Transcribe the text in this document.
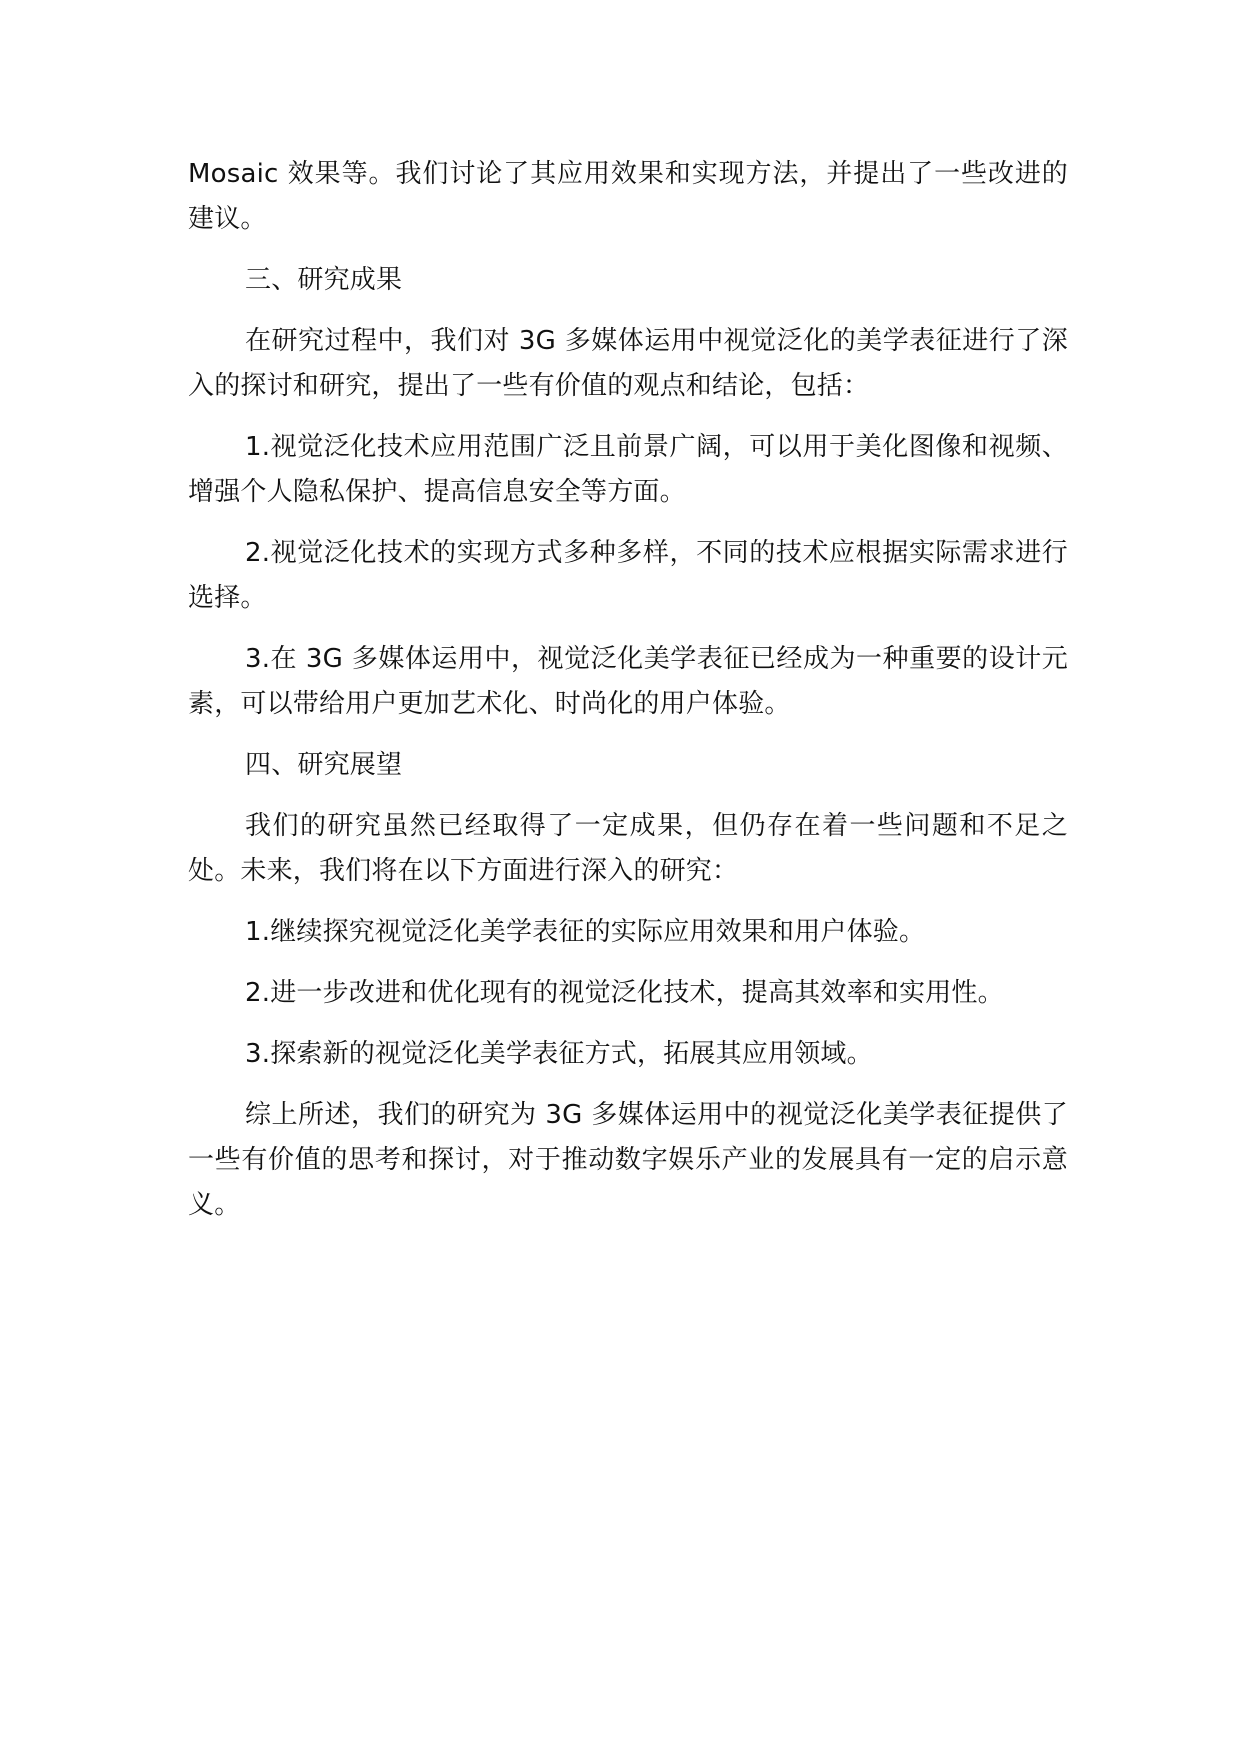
Mosaic 效果等。我们讨论了其应用效果和实现方法，并提出了一些改进的建议。

三、研究成果

在研究过程中，我们对 3G 多媒体运用中视觉泛化的美学表征进行了深入的探讨和研究，提出了一些有价值的观点和结论，包括：

1.视觉泛化技术应用范围广泛且前景广阔，可以用于美化图像和视频、增强个人隐私保护、提高信息安全等方面。

2.视觉泛化技术的实现方式多种多样，不同的技术应根据实际需求进行选择。

3.在 3G 多媒体运用中，视觉泛化美学表征已经成为一种重要的设计元素，可以带给用户更加艺术化、时尚化的用户体验。

四、研究展望

我们的研究虽然已经取得了一定成果，但仍存在着一些问题和不足之处。未来，我们将在以下方面进行深入的研究：

1.继续探究视觉泛化美学表征的实际应用效果和用户体验。

2.进一步改进和优化现有的视觉泛化技术，提高其效率和实用性。

3.探索新的视觉泛化美学表征方式，拓展其应用领域。

综上所述，我们的研究为 3G 多媒体运用中的视觉泛化美学表征提供了一些有价值的思考和探讨，对于推动数字娱乐产业的发展具有一定的启示意义。
